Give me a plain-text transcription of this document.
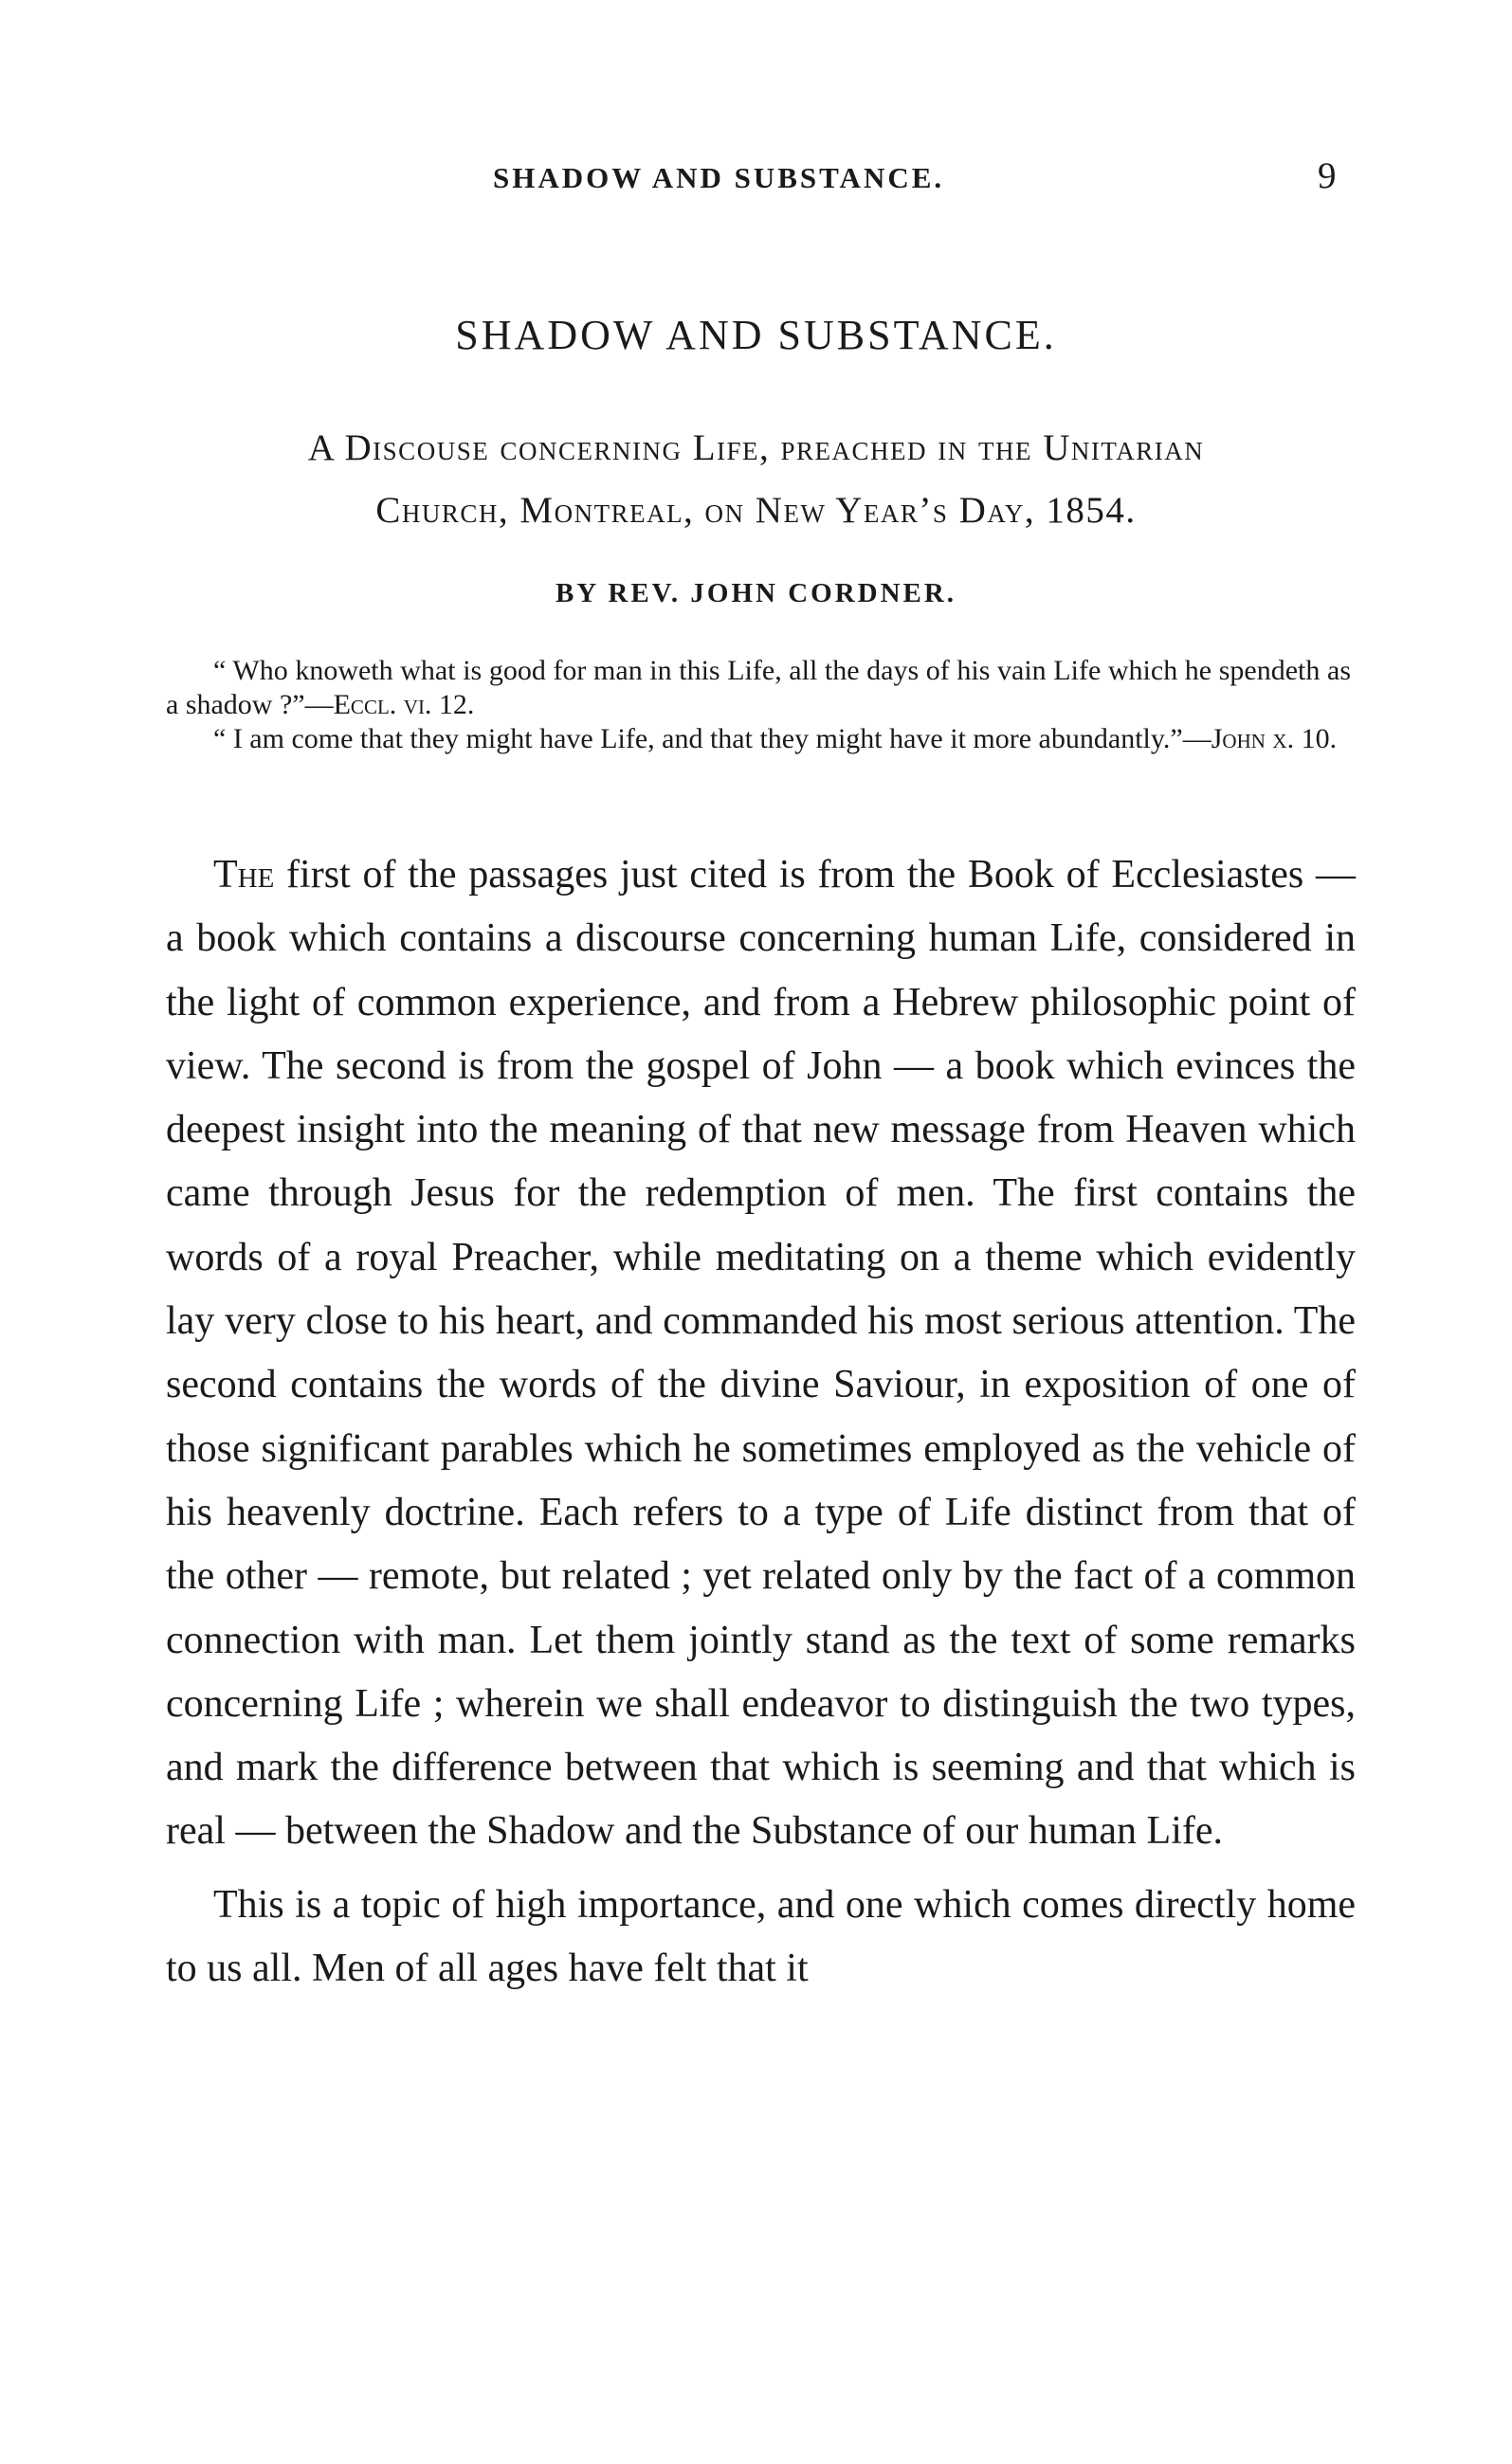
SHADOW AND SUBSTANCE.	9
SHADOW AND SUBSTANCE.
A Discouse concerning Life, preached in the Unitarian
Church, Montreal, on New Year’s Day, 1854.
BY REV. JOHN CORDNER.

“ Who knoweth what is good for man in this Life, all the days of his vain Life which he spendeth as a shadow ?”—Eccl. vi. 12.

“ I am come that they might have Life, and that they might have it more abundantly.”—John x. 10.

The first of the passages just cited is from the Book of Ecclesiastes — a book which contains a discourse concerning human Life, considered in the light of common experience, and from a Hebrew philosophic point of view. The second is from the gospel of John — a book which evinces the deepest insight into the meaning of that new message from Heaven which came through Jesus for the redemption of men. The first contains the words of a royal Preacher, while meditating on a theme which evidently lay very close to his heart, and commanded his most serious attention. The second contains the words of the divine Saviour, in exposition of one of those significant parables which he sometimes employed as the vehicle of his heavenly doctrine. Each refers to a type of Life distinct from that of the other — remote, but related ; yet related only by the fact of a common connection with man. Let them jointly stand as the text of some remarks concerning Life ; wherein we shall endeavor to distinguish the two types, and mark the difference between that which is seeming and that which is real — between the Shadow and the Substance of our human Life.

This is a topic of high importance, and one which comes directly home to us all. Men of all ages have felt that it
